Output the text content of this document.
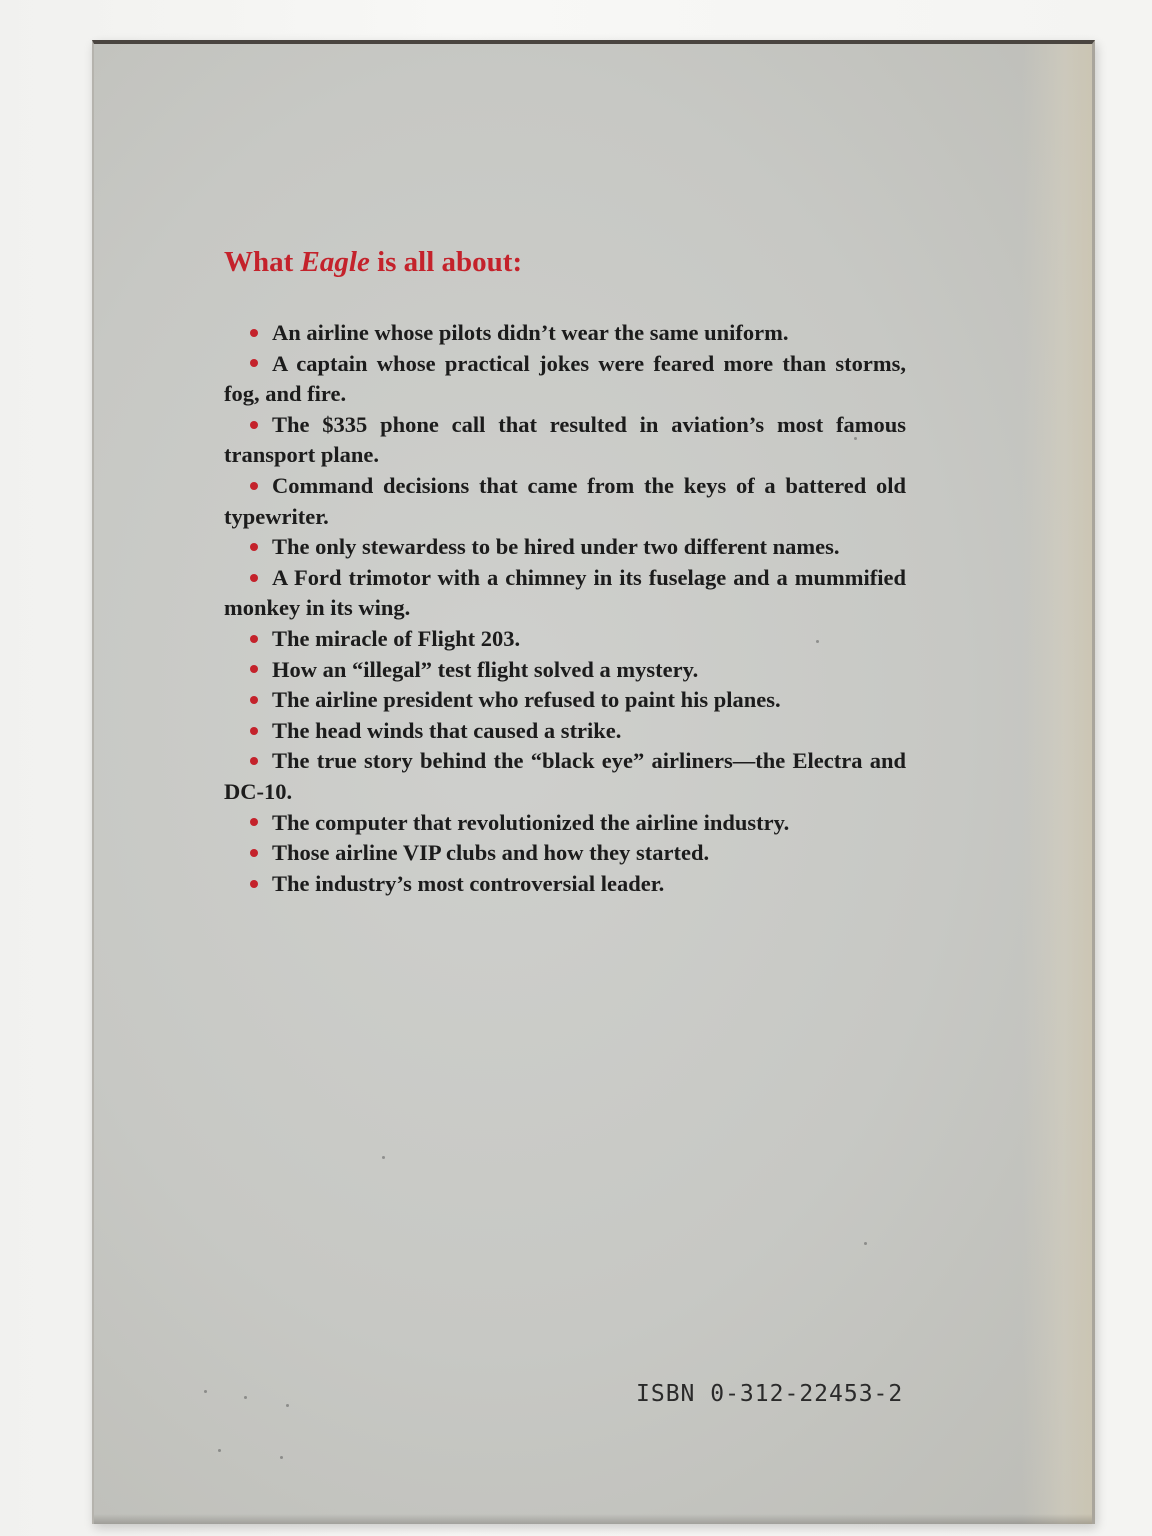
What Eagle is all about:
An airline whose pilots didn’t wear the same uniform.
A captain whose practical jokes were feared more than storms, fog, and fire.
The $335 phone call that resulted in aviation’s most famous transport plane.
Command decisions that came from the keys of a battered old typewriter.
The only stewardess to be hired under two different names.
A Ford trimotor with a chimney in its fuselage and a mummified monkey in its wing.
The miracle of Flight 203.
How an “illegal” test flight solved a mystery.
The airline president who refused to paint his planes.
The head winds that caused a strike.
The true story behind the “black eye” airliners—the Electra and DC-10.
The computer that revolutionized the airline industry.
Those airline VIP clubs and how they started.
The industry’s most controversial leader.
ISBN 0-312-22453-2
